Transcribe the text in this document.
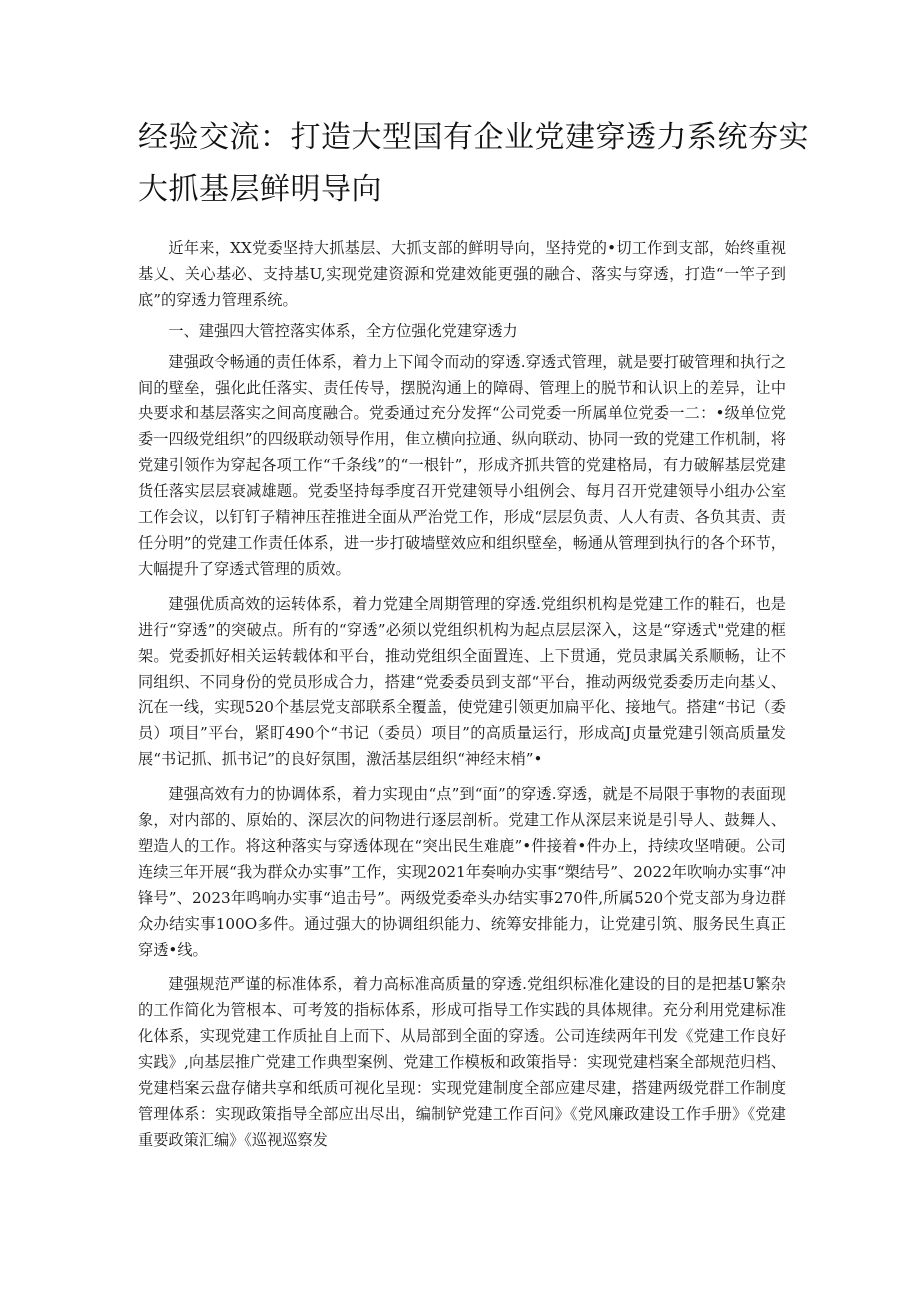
经验交流：打造大型国有企业党建穿透力系统夯实
大抓基层鲜明导向

近年来，XX党委坚持大抓基层、大抓支部的鲜明导向，坚持党的•切工作到支部，始终重视基乂、关心基必、支持基U,实现党建资源和党建效能更强的融合、落实与穿透，打造“一竿子到底”的穿透力管理系统。

一、建强四大管控落实体系，全方位强化党建穿透力

建强政令畅通的责任体系，着力上下闻令而动的穿透.穿透式管理，就是要打破管理和执行之间的壁垒，强化此任落实、责任传导，摆脱沟通上的障碍、管理上的脱节和认识上的差异，让中央要求和基层落实之间高度融合。党委通过充分发挥“公司党委一所属单位党委一二：•级单位党委一四级党组织”的四级联动领导作用，隹立横向拉通、纵向联动、协同一致的党建工作机制，将党建引领作为穿起各项工作“千条线”的“一根针”，形成齐抓共管的党建格局，有力破解基层党建货任落实层层衰减雄题。党委坚持每季度召开党建领导小组例会、每月召开党建领导小组办公室工作会议，以钉钉子精神压茬推进全面从严治党工作，形成“层层负责、人人有责、各负其责、责任分明”的党建工作责任体系，进一步打破墙壁效应和组织壁垒，畅通从管理到执行的各个环节，大幅提升了穿透式管理的质效。

建强优质高效的运转体系，着力党建全周期管理的穿透.党组织机构是党建工作的鞋石，也是进行“穿透”的突破点。所有的“穿透”必须以党组织机构为起点层层深入，这是“穿透式"党建的框架。党委抓好相关运转载体和平台，推动党组织全面置连、上下贯通，党员隶属关系顺畅，让不同组织、不同身份的党员形成合力，搭建“党委委员到支部“平台，推动两级党委委历走向基乂、沉在一线，实现520个基层党支部联系全覆盖，使党建引领更加扁平化、接地气。搭建“书记（委员）项目”平台，紧盯490个“书记（委员）项目”的高质量运行，形成高J贞量党建引领高质量发展“书记抓、抓书记”的良好氛围，激活基层组织“神经末梢”•

建强高效有力的协调体系，着力实现由“点”到“面”的穿透.穿透，就是不局限于事物的表面现象，对内部的、原始的、深层次的问物进行逐层剖析。党建工作从深层来说是引导人、鼓舞人、塑造人的工作。将这种落实与穿透体现在“突出民生难鹿”•件接着•件办上，持续攻坚啃硬。公司连续三年开展“我为群众办实事”工作，实现2021年奏响办实事“槊结号”、2022年吹响办实事“冲锋号”、2023年鸣响办实事“追击号”。两级党委牵头办结实事270件,所属520个党支部为身边群众办结实事100O多件。通过强大的协调组织能力、统筹安排能力，让党建引筑、服务民生真正穿透•线。

建强规范严谨的标准体系，着力高标准高质量的穿透.党组织标准化建设的目的是把基U繁杂的工作简化为管根本、可考笈的指标体系，形成可指导工作实践的具体规律。充分利用党建标准化体系，实现党建工作质扯自上而下、从局部到全面的穿透。公司连续两年刊发《党建工作良好实践》,向基层推广党建工作典型案例、党建工作模板和政策指导：实现党建档案全部规范归档、党建档案云盘存储共享和纸质可视化呈现：实现党建制度全部应建尽建，搭建两级党群工作制度管理体系：实现政策指导全部应出尽出，编制铲党建工作百问》《党风廉政建设工作手册》《党建重要政策汇编》《巡视巡察发
